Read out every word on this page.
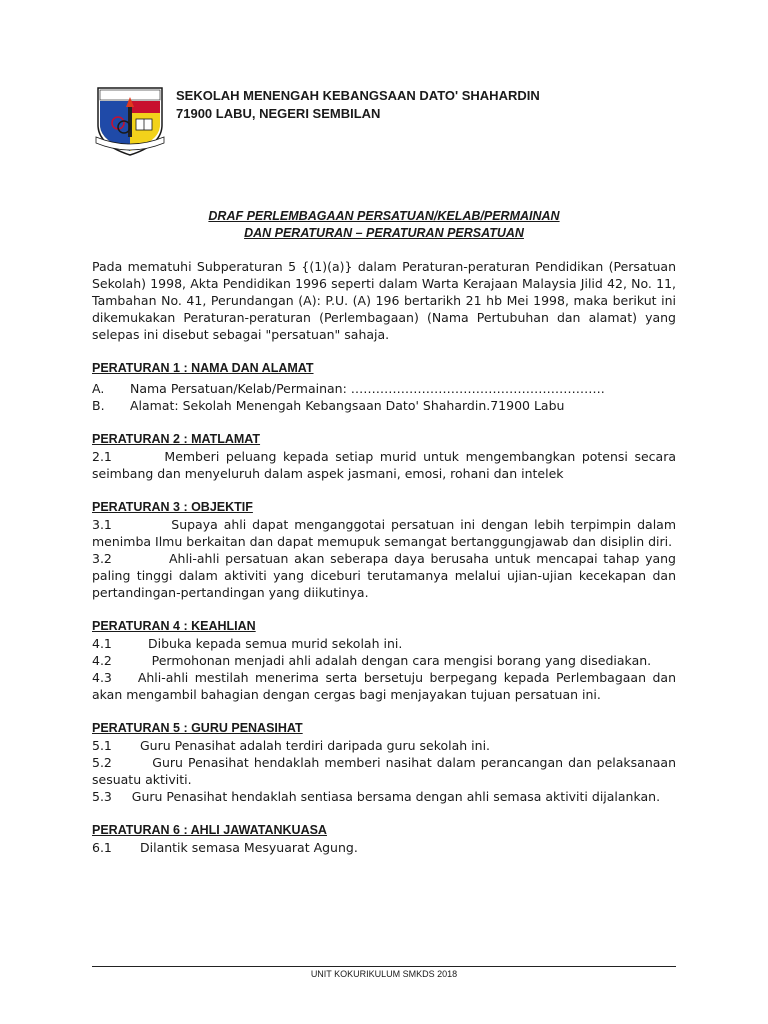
SEKOLAH MENENGAH KEBANGSAAN DATO' SHAHARDIN
71900 LABU, NEGERI SEMBILAN
DRAF PERLEMBAGAAN PERSATUAN/KELAB/PERMAINAN
DAN PERATURAN – PERATURAN PERSATUAN

Pada mematuhi Subperaturan 5 {(1)(a)} dalam Peraturan-peraturan Pendidikan (Persatuan Sekolah) 1998, Akta Pendidikan 1996 seperti dalam Warta Kerajaan Malaysia Jilid 42, No. 11, Tambahan No. 41, Perundangan (A): P.U. (A) 196 bertarikh 21 hb Mei 1998, maka berikut ini dikemukakan Peraturan-peraturan (Perlembagaan) (Nama Pertubuhan dan alamat) yang selepas ini disebut sebagai "persatuan" sahaja.

PERATURAN 1 : NAMA DAN ALAMAT

A.	Nama Persatuan/Kelab/Permainan: …………………………………………………….
B.	Alamat: Sekolah Menengah Kebangsaan Dato' Shahardin.71900 Labu

PERATURAN 2 : MATLAMAT

2.1	Memberi peluang kepada setiap murid untuk mengembangkan potensi secara seimbang dan menyeluruh dalam aspek jasmani, emosi, rohani dan intelek

PERATURAN 3 : OBJEKTIF

3.1	Supaya ahli dapat menganggotai persatuan ini dengan lebih terpimpin dalam menimba Ilmu berkaitan dan dapat memupuk semangat bertanggungjawab dan disiplin diri.

3.2	Ahli-ahli persatuan akan seberapa daya berusaha untuk mencapai tahap yang paling tinggi dalam aktiviti yang diceburi terutamanya melalui ujian-ujian kecekapan dan pertandingan-pertandingan yang diikutinya.

PERATURAN 4 : KEAHLIAN

4.1	Dibuka kepada semua murid sekolah ini.

4.2	Permohonan menjadi ahli adalah dengan cara mengisi borang yang disediakan.

4.3 Ahli-ahli mestilah menerima serta bersetuju berpegang kepada Perlembagaan dan akan mengambil bahagian dengan cergas bagi menjayakan tujuan persatuan ini.

PERATURAN 5 : GURU PENASIHAT

5.1	Guru Penasihat adalah terdiri daripada guru sekolah ini.

5.2	Guru Penasihat hendaklah memberi nasihat dalam perancangan dan pelaksanaan sesuatu aktiviti.

5.3 Guru Penasihat hendaklah sentiasa bersama dengan ahli semasa aktiviti dijalankan.

PERATURAN 6 : AHLI JAWATANKUASA

6.1	Dilantik semasa Mesyuarat Agung.
UNIT KOKURIKULUM SMKDS 2018
